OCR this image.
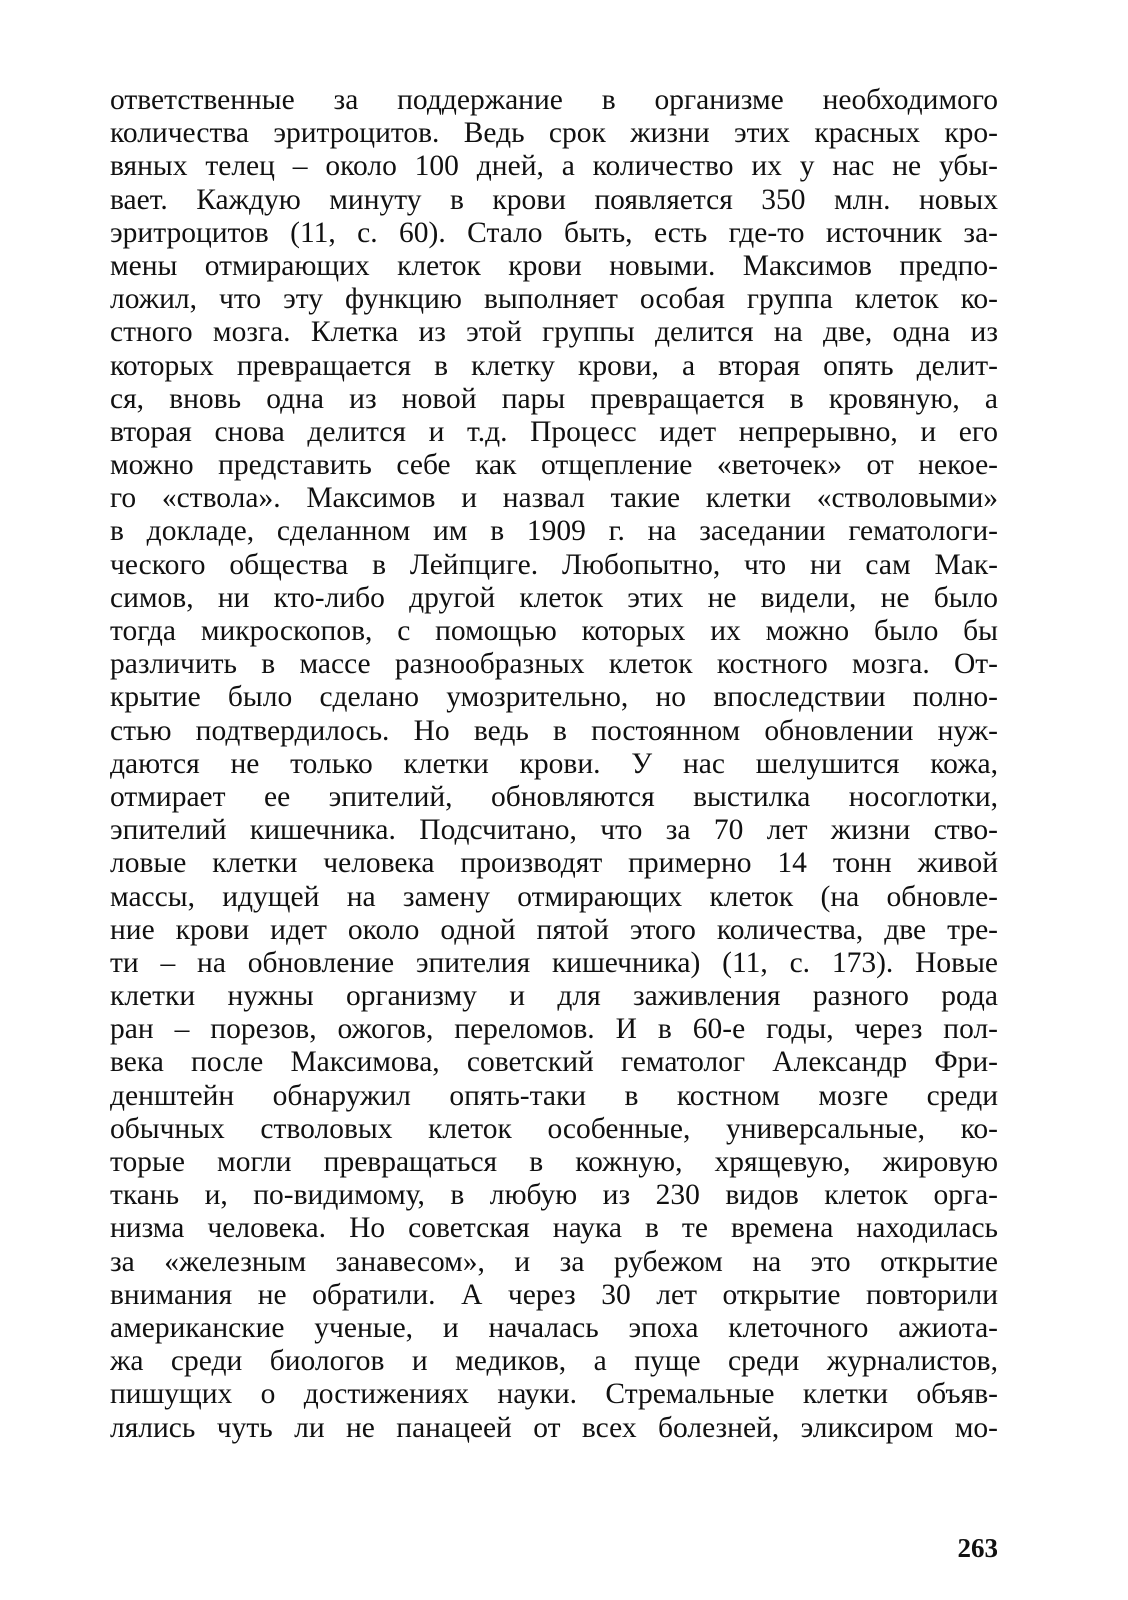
ответственные за поддержание в организме необходимого
количества эритроцитов. Ведь срок жизни этих красных кро-
вяных телец – около 100 дней, а количество их у нас не убы-
вает. Каждую минуту в крови появляется 350 млн. новых
эритроцитов (11, с. 60). Стало быть, есть где-то источник за-
мены отмирающих клеток крови новыми. Максимов предпо-
ложил, что эту функцию выполняет особая группа клеток ко-
стного мозга. Клетка из этой группы делится на две, одна из
которых превращается в клетку крови, а вторая опять делит-
ся, вновь одна из новой пары превращается в кровяную, а
вторая снова делится и т.д. Процесс идет непрерывно, и его
можно представить себе как отщепление «веточек» от некое-
го «ствола». Максимов и назвал такие клетки «стволовыми»
в докладе, сделанном им в 1909 г. на заседании гематологи-
ческого общества в Лейпциге. Любопытно, что ни сам Мак-
симов, ни кто-либо другой клеток этих не видели, не было
тогда микроскопов, с помощью которых их можно было бы
различить в массе разнообразных клеток костного мозга. От-
крытие было сделано умозрительно, но впоследствии полно-
стью подтвердилось. Но ведь в постоянном обновлении нуж-
даются не только клетки крови. У нас шелушится кожа,
отмирает ее эпителий, обновляются выстилка носоглотки,
эпителий кишечника. Подсчитано, что за 70 лет жизни ство-
ловые клетки человека производят примерно 14 тонн живой
массы, идущей на замену отмирающих клеток (на обновле-
ние крови идет около одной пятой этого количества, две тре-
ти – на обновление эпителия кишечника) (11, с. 173). Новые
клетки нужны организму и для заживления разного рода
ран – порезов, ожогов, переломов. И в 60-е годы, через пол-
века после Максимова, советский гематолог Александр Фри-
денштейн обнаружил опять-таки в костном мозге среди
обычных стволовых клеток особенные, универсальные, ко-
торые могли превращаться в кожную, хрящевую, жировую
ткань и, по-видимому, в любую из 230 видов клеток орга-
низма человека. Но советская наука в те времена находилась
за «железным занавесом», и за рубежом на это открытие
внимания не обратили. А через 30 лет открытие повторили
американские ученые, и началась эпоха клеточного ажиота-
жа среди биологов и медиков, а пуще среди журналистов,
пишущих о достижениях науки. Стремальные клетки объяв-
лялись чуть ли не панацеей от всех болезней, эликсиром мо-
263
